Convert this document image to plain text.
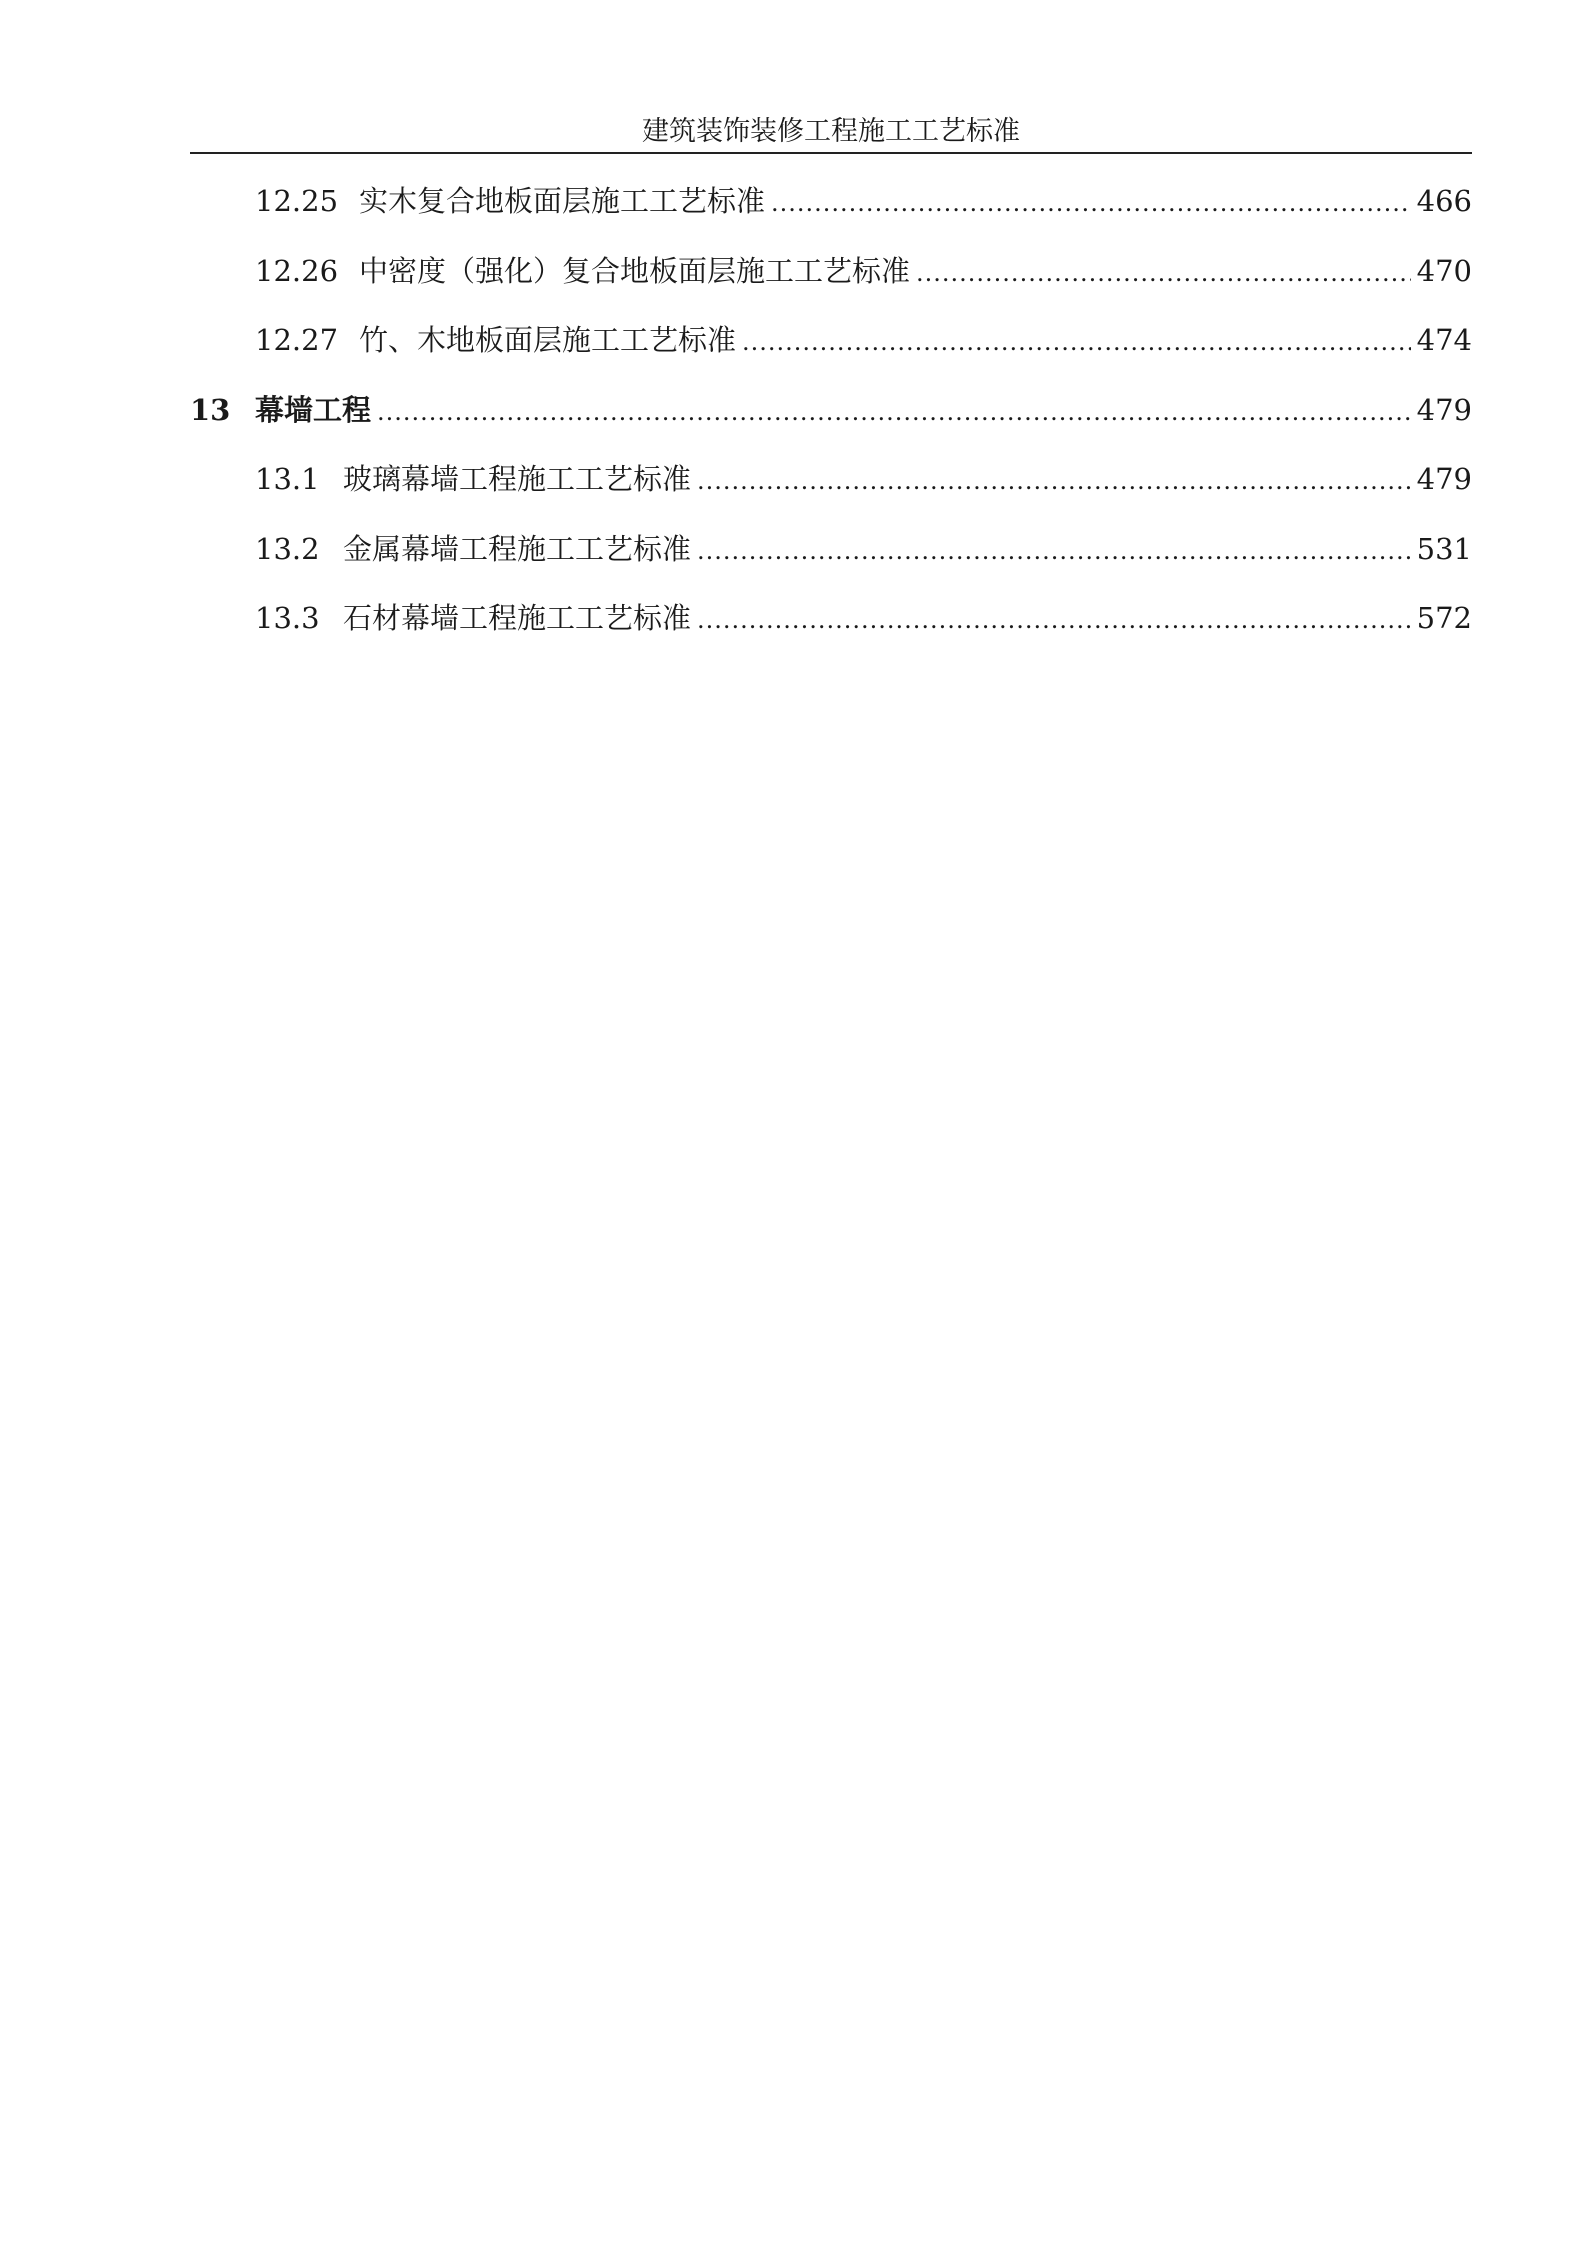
建筑装饰装修工程施工工艺标准
12.25 实木复合地板面层施工工艺标准 .....	466
12.26 中密度（强化）复合地板面层施工工艺标准 .....	470
12.27 竹、木地板面层施工工艺标准 .....	474
13 幕墙工程 .....	479
13.1 玻璃幕墙工程施工工艺标准 .....	479
13.2 金属幕墙工程施工工艺标准 .....	531
13.3 石材幕墙工程施工工艺标准 .....	572
